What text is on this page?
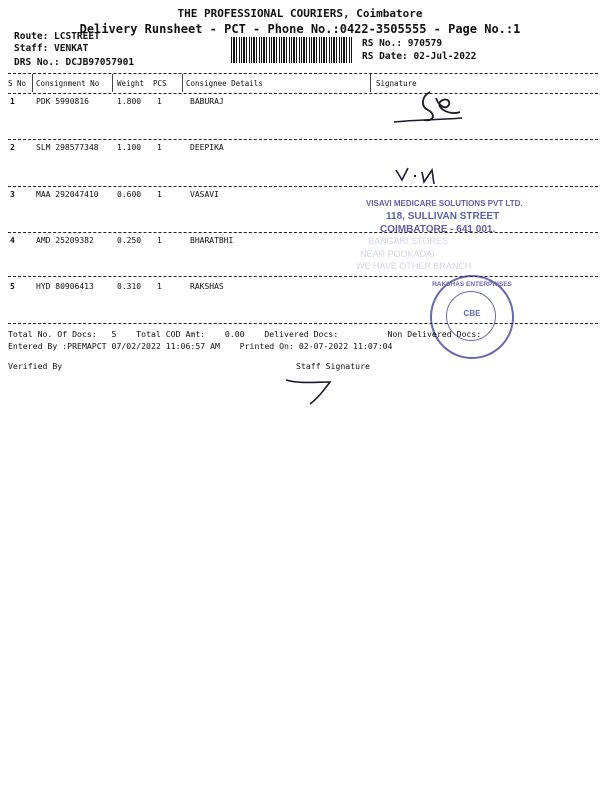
THE PROFESSIONAL COURIERS, Coimbatore
Delivery Runsheet - PCT - Phone No.:0422-3505555 - Page No.:1
Route: LCSTREET
Staff: VENKAT
DRS No.: DCJB97057901
RS No.: 970579
RS Date: 02-Jul-2022
S No Consignment No Weight PCS	Consignee Details	Signature
1	PDK 5990816	1.800 1	BABURAJ
2	SLM 298577348 1.100 1	DEEPIKA
3	MAA 292047410 0.600 1	VASAVI
4	AMD 25209382	0.250 1	BHARATBHI
5	HYD 80906413	0.310 1	RAKSHAS
VISAVI MEDICARE SOLUTIONS PVT LTD.
118, SULLIVAN STREET
COIMBATORE - 641 001.
BANGARI STORES
NEAR POOKADAI
WE HAVE OTHER BRANCH
RAKSHAS ENTERPRISES
CBE
Total No. Of Docs:   5    Total COD Amt:    0.00    Delivered Docs:          Non Delivered Docs:
Entered By :PREMAPCT 07/02/2022 11:06:57 AM    Printed On: 02-07-2022 11:07:04
Verified By	Staff Signature
